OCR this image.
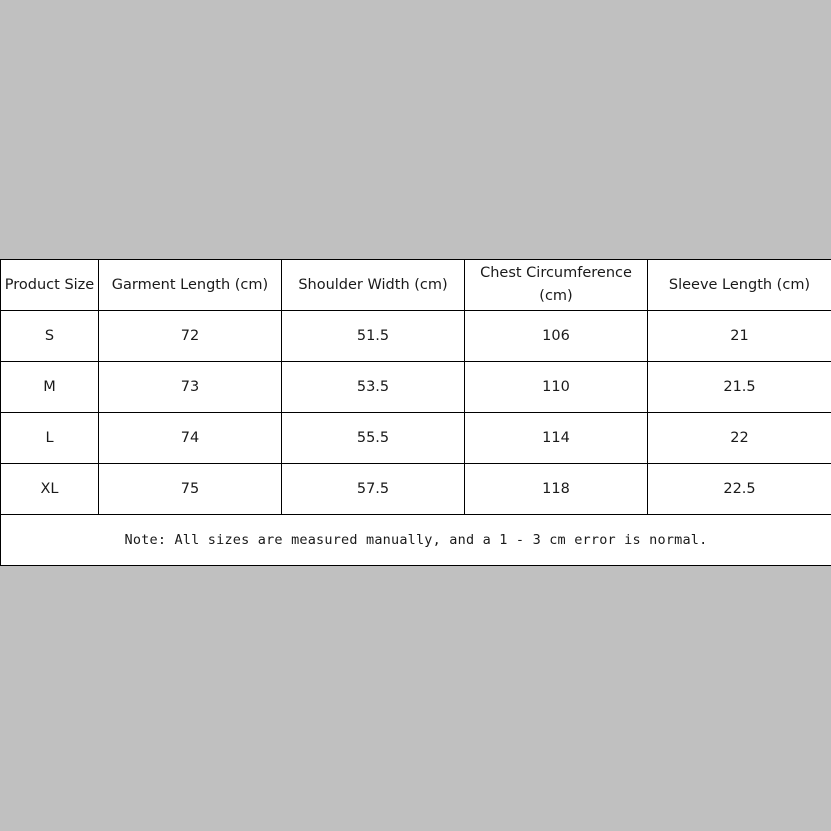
Product Size	Garment Length (cm)	Shoulder Width (cm)	Chest Circumference (cm)	Sleeve Length (cm)
S	72	51.5	106	21
M	73	53.5	110	21.5
L	74	55.5	114	22
XL	75	57.5	118	22.5
Note: All sizes are measured manually, and a 1 - 3 cm error is normal.				
